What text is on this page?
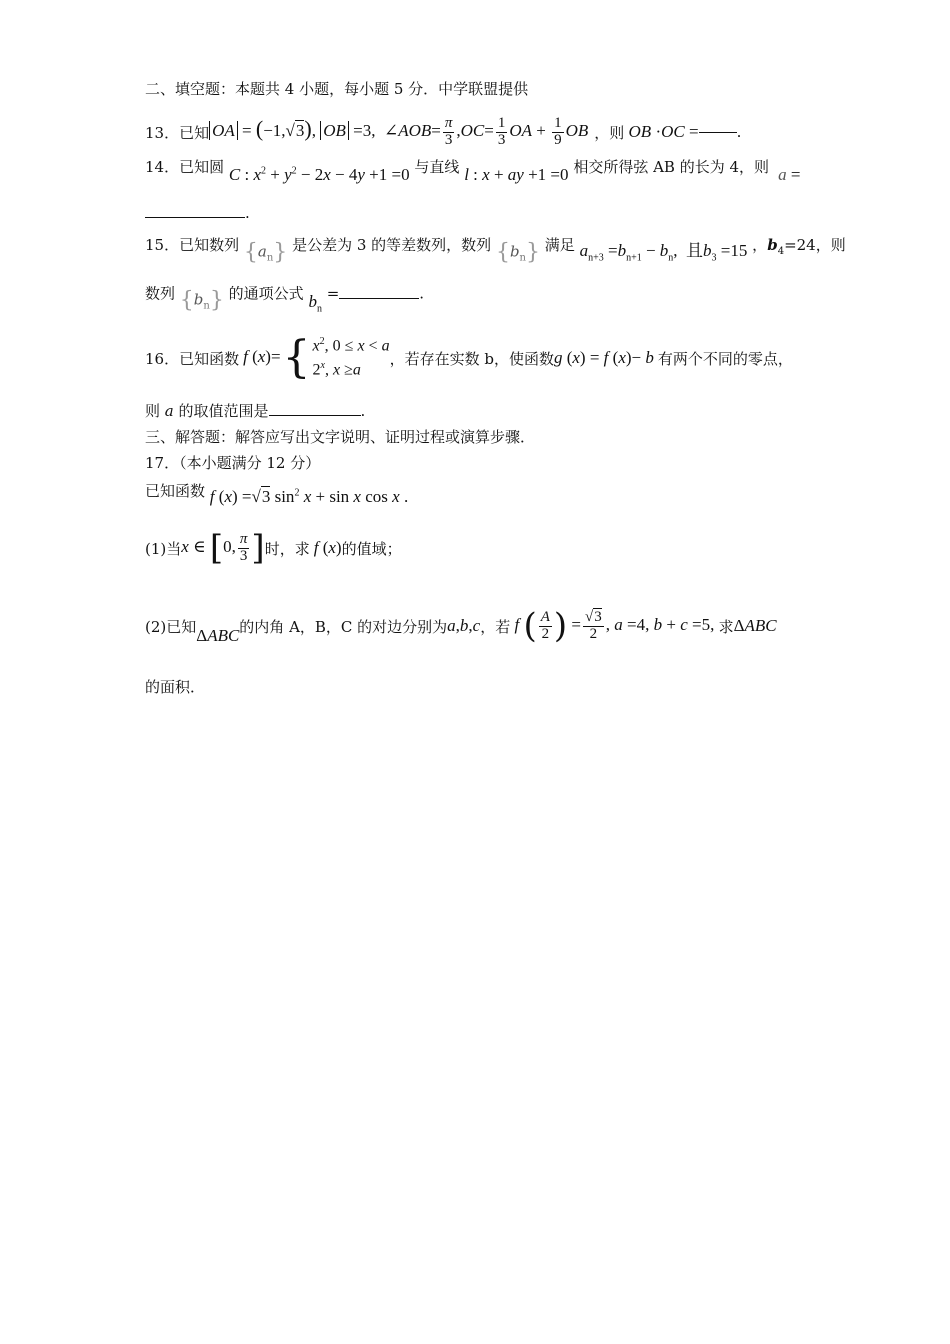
二、填空题：本题共 4 小题，每小题 5 分．中学联盟提供
13．已知 OA = (−1,√3), OB =3,  ∠AOB= $\frac{\pi}{3} ,OC= \frac{1}{3}$ OA + $\frac{1}{9}$ OB ，则 OB ·OC =	.
14．已知圆 C : $x^2 + y^2 - 2x - 4y +1 =0$ 与直线 l : x + ay +1 =0 相交所得弦 AB 的长为 4，则 a =
.
15．已知数列 $\{a_n\}$ 是公差为 3 的等差数列，数列 $\{b_n\}$ 满足 $a_{n+3} =b_{n+1} - b_n$,  且$b_3 =15$ ，$b_4=24$，则
数列 $\{b_n\}$ 的通项公式 $b_n$ =	.
16．已知函数 f (x)= { $x^2$, 0 ≤ x < a
2$^x$, x ≥a
，若存在实数 b，使函数 g (x) = f (x)− b 有两个不同的零点，
则 a 的取值范围是	.
三、解答题：解答应写出文字说明、证明过程或演算步骤．
17．（本小题满分 12 分）
已知函数 f (x) =√3 $\sin^2 x + \sin x$ cos x .
(1)当 x ∈ [0, $\frac{\pi}{3}$ ] 时，求 f (x) 的值域；
(2)已知 ΔABC 的内角 A，B，C 的对边分别为 a , b , c ，若 f ( $\frac{A}{2}$ ) = $\frac{√3}{2}$ , a =4, b + c =5, 求 ΔABC
的面积．
